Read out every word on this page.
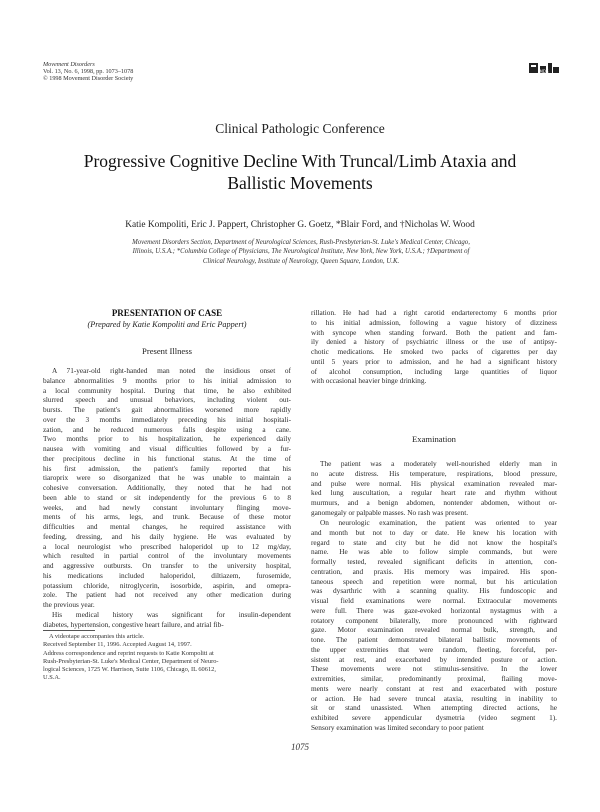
Movement Disorders
Vol. 13, No. 6, 1998, pp. 1073–1078
© 1998 Movement Disorder Society
MDS
Clinical Pathologic Conference
Progressive Cognitive Decline With Truncal/Limb Ataxia and
Ballistic Movements
Katie Kompoliti, Eric J. Pappert, Christopher G. Goetz, *Blair Ford, and †Nicholas W. Wood
Movement Disorders Section, Department of Neurological Sciences, Rush-Presbyterian-St. Luke's Medical Center, Chicago,
Illinois, U.S.A.; *Columbia College of Physicians, The Neurological Institute, New York, New York, U.S.A.; †Department of
Clinical Neurology, Institute of Neurology, Queen Square, London, U.K.
PRESENTATION OF CASE
(Prepared by Katie Kompoliti and Eric Pappert)
Present Illness
A 71-year-old right-handed man noted the insidious onset of
balance abnormalities 9 months prior to his initial admission to
a local community hospital. During that time, he also exhibited
slurred speech and unusual behaviors, including violent out-
bursts. The patient's gait abnormalities worsened more rapidly
over the 3 months immediately preceding his initial hospitali-
zation, and he reduced numerous falls despite using a cane.
Two months prior to his hospitalization, he experienced daily
nausea with vomiting and visual difficulties followed by a fur-
ther precipitous decline in his functional status. At the time of
his first admission, the patient's family reported that his
tiaroprix were so disorganized that he was unable to maintain a
cohesive conversation. Additionally, they noted that he had not
been able to stand or sit independently for the previous 6 to 8
weeks, and had newly constant involuntary flinging move-
ments of his arms, legs, and trunk. Because of these motor
difficulties and mental changes, he required assistance with
feeding, dressing, and his daily hygiene. He was evaluated by
a local neurologist who prescribed haloperidol up to 12 mg/day,
which resulted in partial control of the involuntary movements
and aggressive outbursts. On transfer to the university hospital,
his medications included haloperidol, diltiazem, furosemide,
potassium chloride, nitroglycerin, isosorbide, aspirin, and omepra-
zole. The patient had not received any other medication during
the previous year.
His medical history was significant for insulin-dependent
diabetes, hypertension, congestive heart failure, and atrial fib-
A videotape accompanies this article.
Received September 11, 1996. Accepted August 14, 1997.
Address correspondence and reprint requests to Katie Kompoliti at
Rush-Presbyterian-St. Luke's Medical Center, Department of Neuro-
logical Sciences, 1725 W. Harrison, Suite 1106, Chicago, IL 60612,
U.S.A.
rillation. He had had a right carotid endarterectomy 6 months prior
to his initial admission, following a vague history of dizziness
with syncope when standing forward. Both the patient and fam-
ily denied a history of psychiatric illness or the use of antipsy-
chotic medications. He smoked two packs of cigarettes per day
until 5 years prior to admission, and he had a significant history
of alcohol consumption, including large quantities of liquor
with occasional heavier binge drinking.
Examination
The patient was a moderately well-nourished elderly man in
no acute distress. His temperature, respirations, blood pressure,
and pulse were normal. His physical examination revealed mar-
ked lung auscultation, a regular heart rate and rhythm without
murmurs, and a benign abdomen, nontender abdomen, without or-
ganomegaly or palpable masses. No rash was present.
On neurologic examination, the patient was oriented to year
and month but not to day or date. He knew his location with
regard to state and city but he did not know the hospital's
name. He was able to follow simple commands, but were
formally tested, revealed significant deficits in attention, con-
centration, and praxis. His memory was impaired. His spon-
taneous speech and repetition were normal, but his articulation
was dysarthric with a scanning quality. His fundoscopic and
visual field examinations were normal. Extraocular movements
were full. There was gaze-evoked horizontal nystagmus with a
rotatory component bilaterally, more pronounced with rightward
gaze. Motor examination revealed normal bulk, strength, and
tone. The patient demonstrated bilateral ballistic movements of
the upper extremities that were random, fleeting, forceful, per-
sistent at rest, and exacerbated by intended posture or action.
These movements were not stimulus-sensitive. In the lower
extremities, similar, predominantly proximal, flailing move-
ments were nearly constant at rest and exacerbated with posture
or action. He had severe truncal ataxia, resulting in inability to
sit or stand unassisted. When attempting directed actions, he
exhibited severe appendicular dysmetria (video segment 1).
Sensory examination was limited secondary to poor patient
1075
